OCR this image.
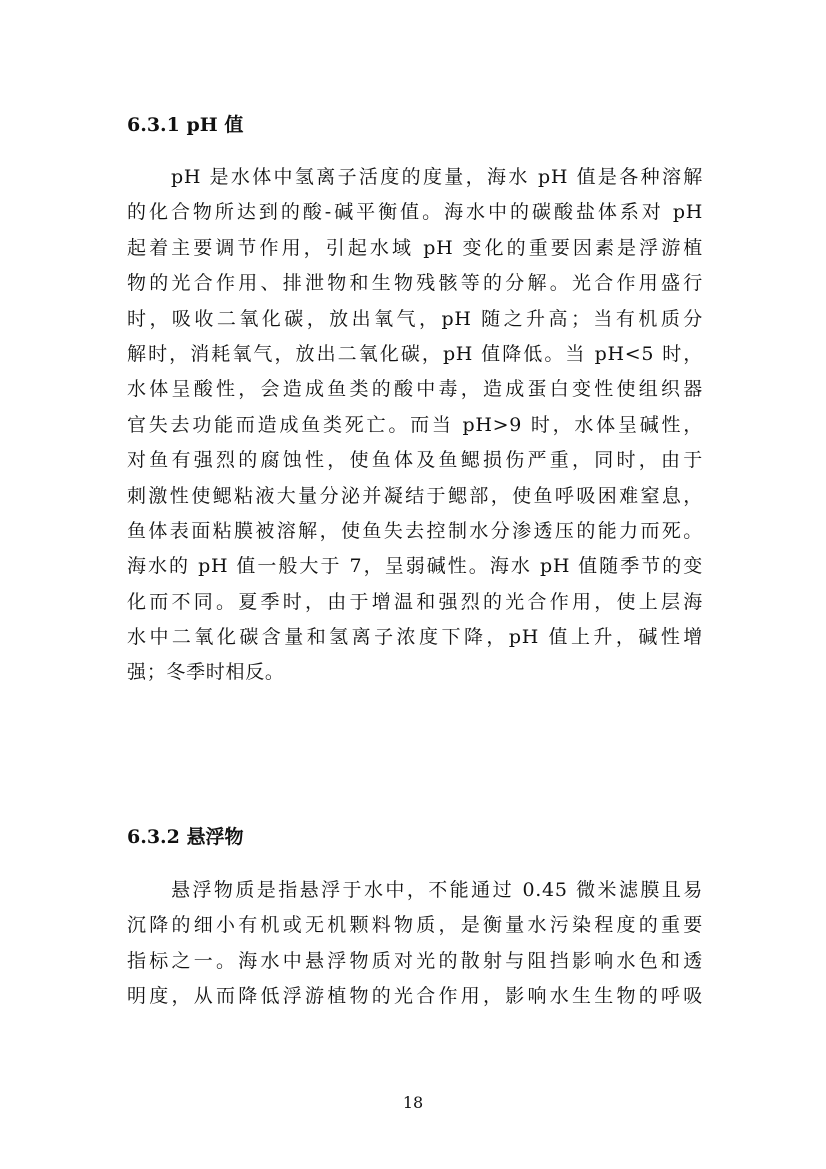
6.3.1 pH 值
pH 是水体中氢离子活度的度量，海水 pH 值是各种溶解
的化合物所达到的酸-碱平衡值。海水中的碳酸盐体系对 pH
起着主要调节作用，引起水域 pH 变化的重要因素是浮游植
物的光合作用、排泄物和生物残骸等的分解。光合作用盛行
时，吸收二氧化碳，放出氧气，pH 随之升高；当有机质分
解时，消耗氧气，放出二氧化碳，pH 值降低。当 pH<5 时，
水体呈酸性，会造成鱼类的酸中毒，造成蛋白变性使组织器
官失去功能而造成鱼类死亡。而当 pH>9 时，水体呈碱性，
对鱼有强烈的腐蚀性，使鱼体及鱼鳃损伤严重，同时，由于
刺激性使鳃粘液大量分泌并凝结于鳃部，使鱼呼吸困难窒息，
鱼体表面粘膜被溶解，使鱼失去控制水分渗透压的能力而死。
海水的 pH 值一般大于 7，呈弱碱性。海水 pH 值随季节的变
化而不同。夏季时，由于增温和强烈的光合作用，使上层海
水中二氧化碳含量和氢离子浓度下降，pH 值上升，碱性增
强；冬季时相反。
6.3.2 悬浮物
悬浮物质是指悬浮于水中，不能通过 0.45 微米滤膜且易
沉降的细小有机或无机颗料物质，是衡量水污染程度的重要
指标之一。海水中悬浮物质对光的散射与阻挡影响水色和透
明度，从而降低浮游植物的光合作用，影响水生生物的呼吸

18
